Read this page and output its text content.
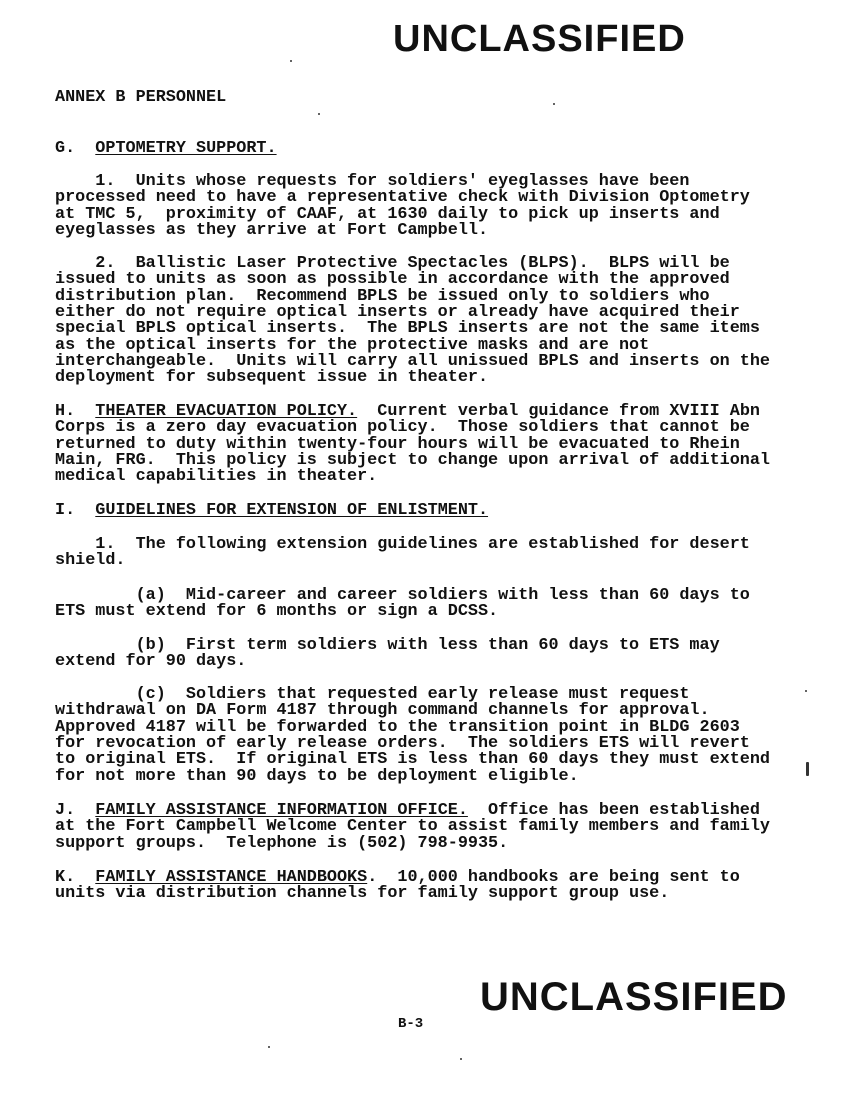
UNCLASSIFIED
ANNEX B PERSONNEL
G.  OPTOMETRY SUPPORT.
1.  Units whose requests for soldiers' eyeglasses have been
processed need to have a representative check with Division Optometry
at TMC 5,  proximity of CAAF, at 1630 daily to pick up inserts and
eyeglasses as they arrive at Fort Campbell.
2.  Ballistic Laser Protective Spectacles (BLPS).  BLPS will be
issued to units as soon as possible in accordance with the approved
distribution plan.  Recommend BPLS be issued only to soldiers who
either do not require optical inserts or already have acquired their
special BPLS optical inserts.  The BPLS inserts are not the same items
as the optical inserts for the protective masks and are not
interchangeable.  Units will carry all unissued BPLS and inserts on the
deployment for subsequent issue in theater.
H.  THEATER EVACUATION POLICY.  Current verbal guidance from XVIII Abn
Corps is a zero day evacuation policy.  Those soldiers that cannot be
returned to duty within twenty-four hours will be evacuated to Rhein
Main, FRG.  This policy is subject to change upon arrival of additional
medical capabilities in theater.
I.  GUIDELINES FOR EXTENSION OF ENLISTMENT.
1.  The following extension guidelines are established for desert
shield.
(a)  Mid-career and career soldiers with less than 60 days to
ETS must extend for 6 months or sign a DCSS.
(b)  First term soldiers with less than 60 days to ETS may
extend for 90 days.
(c)  Soldiers that requested early release must request
withdrawal on DA Form 4187 through command channels for approval.
Approved 4187 will be forwarded to the transition point in BLDG 2603
for revocation of early release orders.  The soldiers ETS will revert
to original ETS.  If original ETS is less than 60 days they must extend
for not more than 90 days to be deployment eligible.
J.  FAMILY ASSISTANCE INFORMATION OFFICE.  Office has been established
at the Fort Campbell Welcome Center to assist family members and family
support groups.  Telephone is (502) 798-9935.
K.  FAMILY ASSISTANCE HANDBOOKS.  10,000 handbooks are being sent to
units via distribution channels for family support group use.
UNCLASSIFIED
B-3
